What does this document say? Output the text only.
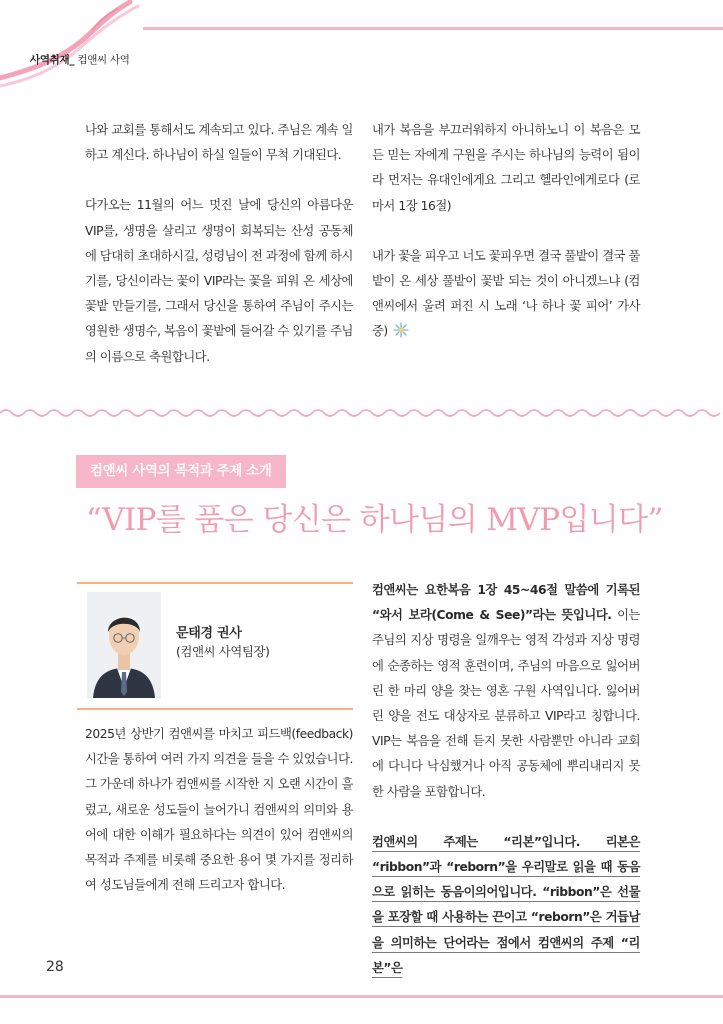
사역취재_ 컴앤씨 사역

나와 교회를 통해서도 계속되고 있다. 주님은 계속 일하고 계신다. 하나님이 하실 일들이 무척 기대된다.

다가오는 11월의 어느 멋진 날에 당신의 아름다운 VIP를, 생명을 살리고 생명이 회복되는 산성 공동체에 담대히 초대하시길, 성령님이 전 과정에 함께 하시기를, 당신이라는 꽃이 VIP라는 꽃을 피워 온 세상에 꽃밭 만들기를, 그래서 당신을 통하여 주님이 주시는 영원한 생명수, 복음이 꽃밭에 들어갈 수 있기를 주님의 이름으로 축원합니다.

내가 복음을 부끄러워하지 아니하노니 이 복음은 모든 믿는 자에게 구원을 주시는 하나님의 능력이 됨이라 먼저는 유대인에게요 그리고 헬라인에게로다 (로마서 1장 16절)

내가 꽃을 피우고 너도 꽃피우면 결국 풀밭이 결국 풀밭이 온 세상 풀밭이 꽃밭 되는 것이 아니겠느냐 (컴앤씨에서 울려 퍼진 시 노래 ‘나 하나 꽃 피어’ 가사 중)

컴앤씨 사역의 목적과 주제 소개
“VIP를 품은 당신은 하나님의 MVP입니다”
문태경 권사
(컴앤씨 사역팀장)

2025년 상반기 컴앤씨를 마치고 피드백(feedback) 시간을 통하여 여러 가지 의견을 들을 수 있었습니다. 그 가운데 하나가 컴앤씨를 시작한 지 오랜 시간이 흘렀고, 새로운 성도들이 늘어가니 컴앤씨의 의미와 용어에 대한 이해가 필요하다는 의견이 있어 컴앤씨의 목적과 주제를 비롯해 중요한 용어 몇 가지를 정리하여 성도님들에게 전해 드리고자 합니다.

컴앤씨는 요한복음 1장 45~46절 말씀에 기록된 “와서 보라(Come & See)”라는 뜻입니다. 이는 주님의 지상 명령을 일깨우는 영적 각성과 지상 명령에 순종하는 영적 훈련이며, 주님의 마음으로 잃어버린 한 마리 양을 찾는 영혼 구원 사역입니다. 잃어버린 양을 전도 대상자로 분류하고 VIP라고 칭합니다. VIP는 복음을 전해 듣지 못한 사람뿐만 아니라 교회에 다니다 낙심했거나 아직 공동체에 뿌리내리지 못한 사람을 포함합니다.

컴앤씨의 주제는 “리본”입니다. 리본은 “ribbon”과 “reborn”을 우리말로 읽을 때 동음으로 읽히는 동음이의어입니다. “ribbon”은 선물을 포장할 때 사용하는 끈이고 “reborn”은 거듭남을 의미하는 단어라는 점에서 컴앤씨의 주제 “리본”은

28
